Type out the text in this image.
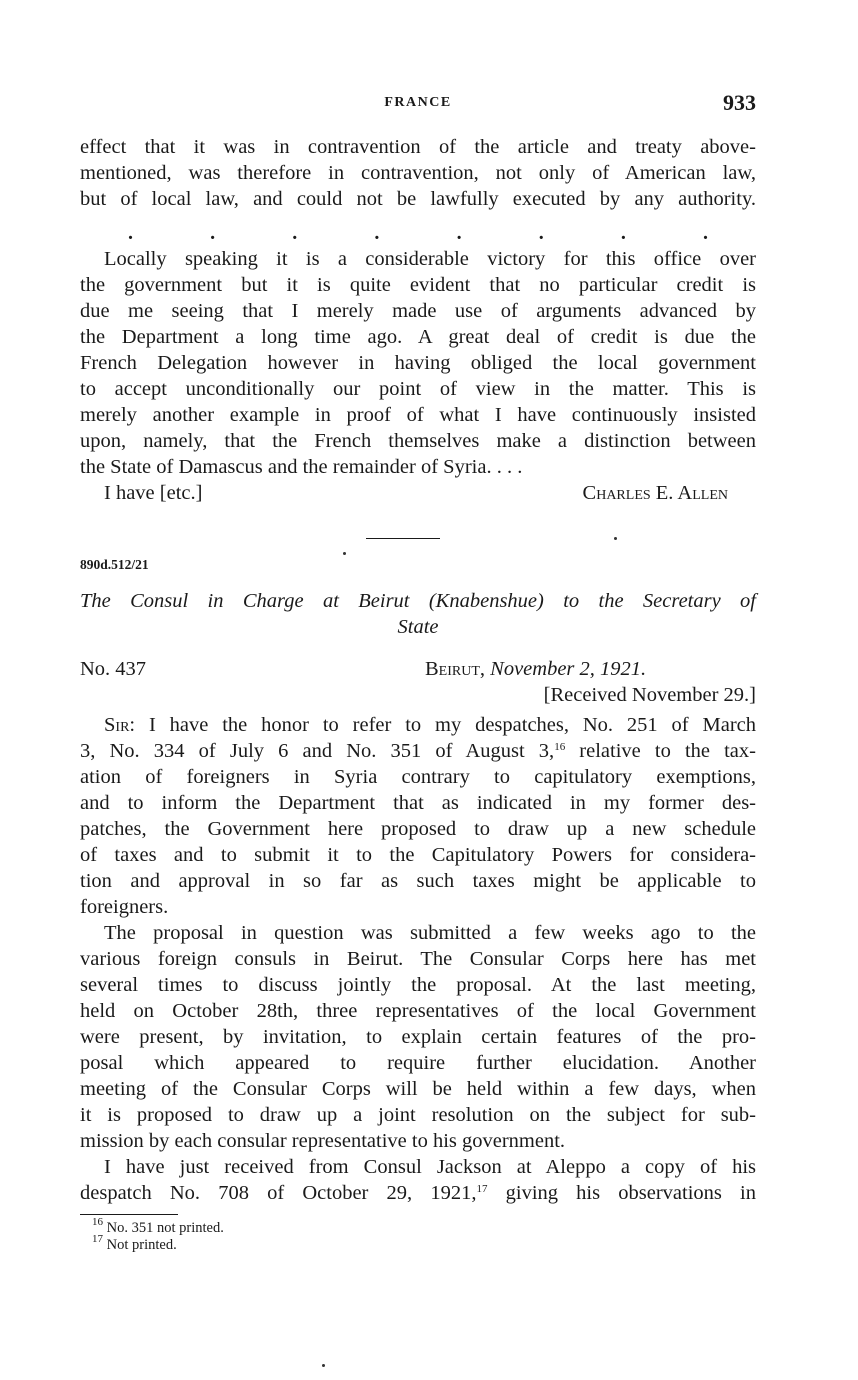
FRANCE	933

effect that it was in contravention of the article and treaty above-

mentioned, was therefore in contravention, not only of American law,

but of local law, and could not be lawfully executed by any authority.

.	.	.	.	.	.	.	.

Locally speaking it is a considerable victory for this office over

the government but it is quite evident that no particular credit is

due me seeing that I merely made use of arguments advanced by

the Department a long time ago. A great deal of credit is due the

French Delegation however in having obliged the local government

to accept unconditionally our point of view in the matter. This is

merely another example in proof of what I have continuously insisted

upon, namely, that the French themselves make a distinction between

the State of Damascus and the remainder of Syria. . . .

I have [etc.]	Charles E. Allen
890d.512/21
The Consul in Charge at Beirut (Knabenshue) to the Secretary of
State
No. 437	Beirut, November 2, 1921.
[Received November 29.]

Sir: I have the honor to refer to my despatches, No. 251 of March

3, No. 334 of July 6 and No. 351 of August 3,16 relative to the tax-

ation of foreigners in Syria contrary to capitulatory exemptions,

and to inform the Department that as indicated in my former des-

patches, the Government here proposed to draw up a new schedule

of taxes and to submit it to the Capitulatory Powers for considera-

tion and approval in so far as such taxes might be applicable to

foreigners.

The proposal in question was submitted a few weeks ago to the

various foreign consuls in Beirut. The Consular Corps here has met

several times to discuss jointly the proposal. At the last meeting,

held on October 28th, three representatives of the local Government

were present, by invitation, to explain certain features of the pro-

posal which appeared to require further elucidation. Another

meeting of the Consular Corps will be held within a few days, when

it is proposed to draw up a joint resolution on the subject for sub-

mission by each consular representative to his government.

I have just received from Consul Jackson at Aleppo a copy of his

despatch No. 708 of October 29, 1921,17 giving his observations in

$^{16}$ No. 351 not printed.
$^{17}$ Not printed.
